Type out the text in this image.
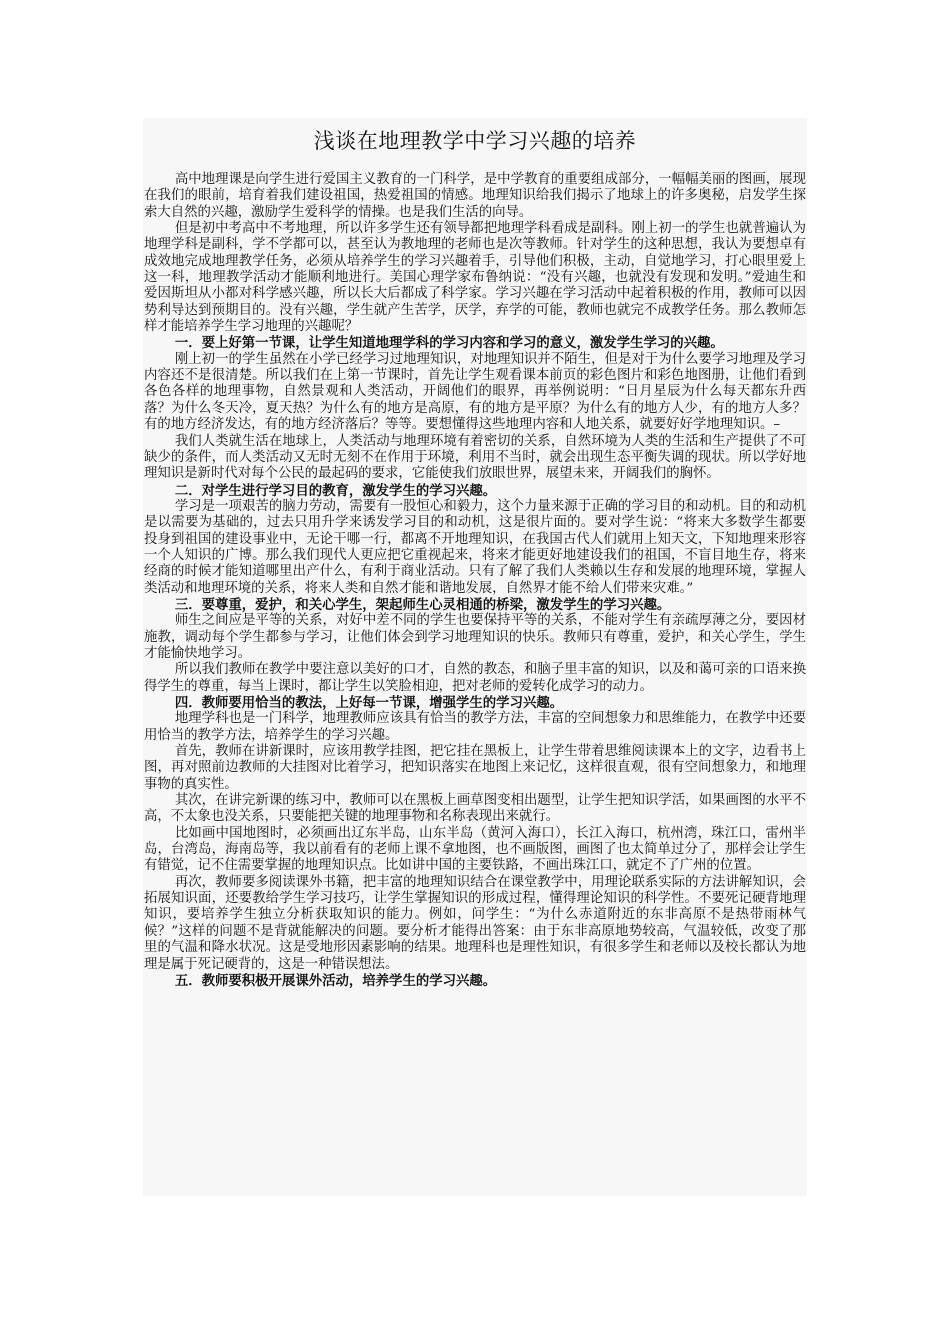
浅谈在地理教学中学习兴趣的培养

高中地理课是向学生进行爱国主义教育的一门科学，是中学教育的重要组成部分，一幅幅美丽的图画，展现在我们的眼前，培育着我们建设祖国，热爱祖国的情感。地理知识给我们揭示了地球上的许多奥秘，启发学生探索大自然的兴趣，激励学生爱科学的情操。也是我们生活的向导。

但是初中考高中不考地理，所以许多学生还有领导都把地理学科看成是副科。刚上初一的学生也就普遍认为地理学科是副科，学不学都可以，甚至认为教地理的老师也是次等教师。针对学生的这种思想，我认为要想卓有成效地完成地理教学任务，必须从培养学生的学习兴趣着手，引导他们积极，主动，自觉地学习，打心眼里爱上这一科，地理教学活动才能顺利地进行。美国心理学家布鲁纳说：“没有兴趣，也就没有发现和发明。”爱迪生和爱因斯坦从小都对科学感兴趣，所以长大后都成了科学家。学习兴趣在学习活动中起着积极的作用，教师可以因势利导达到预期目的。没有兴趣，学生就产生苦学，厌学，弃学的可能，教师也就完不成教学任务。那么教师怎样才能培养学生学习地理的兴趣呢？

一．要上好第一节课，让学生知道地理学科的学习内容和学习的意义，激发学生学习的兴趣。

刚上初一的学生虽然在小学已经学习过地理知识，对地理知识并不陌生，但是对于为什么要学习地理及学习内容还不是很清楚。所以我们在上第一节课时，首先让学生观看课本前页的彩色图片和彩色地图册，让他们看到各色各样的地理事物，自然景观和人类活动，开阔他们的眼界，再举例说明：“日月星辰为什么每天都东升西落？为什么冬天冷，夏天热？为什么有的地方是高原，有的地方是平原？为什么有的地方人少，有的地方人多？有的地方经济发达，有的地方经济落后？等等。要想懂得这些地理内容和人地关系，就要好好学地理知识。–

我们人类就生活在地球上，人类活动与地理环境有着密切的关系，自然环境为人类的生活和生产提供了不可缺少的条件，而人类活动又无时无刻不在作用于环境，利用不当时，就会出现生态平衡失调的现状。所以学好地理知识是新时代对每个公民的最起码的要求，它能使我们放眼世界，展望未来，开阔我们的胸怀。

二．对学生进行学习目的教育，激发学生的学习兴趣。

学习是一项艰苦的脑力劳动，需要有一股恒心和毅力，这个力量来源于正确的学习目的和动机。目的和动机是以需要为基础的，过去只用升学来诱发学习目的和动机，这是很片面的。要对学生说：“将来大多数学生都要投身到祖国的建设事业中，无论干哪一行，都离不开地理知识，在我国古代人们就用上知天文，下知地理来形容一个人知识的广博。那么我们现代人更应把它重视起来，将来才能更好地建设我们的祖国，不盲目地生存，将来经商的时候才能知道哪里出产什么，有利于商业活动。只有了解了我们人类赖以生存和发展的地理环境，掌握人类活动和地理环境的关系，将来人类和自然才能和谐地发展，自然界才能不给人们带来灾难。”

三．要尊重，爱护，和关心学生，架起师生心灵相通的桥梁，激发学生的学习兴趣。

师生之间应是平等的关系，对好中差不同的学生也要保持平等的关系，不能对学生有亲疏厚薄之分，要因材施教，调动每个学生都参与学习，让他们体会到学习地理知识的快乐。教师只有尊重，爱护，和关心学生，学生才能愉快地学习。

所以我们教师在教学中要注意以美好的口才，自然的教态，和脑子里丰富的知识，以及和蔼可亲的口语来换得学生的尊重，每当上课时，都让学生以笑脸相迎，把对老师的爱转化成学习的动力。

四．教师要用恰当的教法，上好每一节课，增强学生的学习兴趣。

地理学科也是一门科学，地理教师应该具有恰当的教学方法，丰富的空间想象力和思维能力，在教学中还要用恰当的教学方法，培养学生的学习兴趣。

首先，教师在讲新课时，应该用教学挂图，把它挂在黑板上，让学生带着思维阅读课本上的文字，边看书上图，再对照前边教师的大挂图对比着学习，把知识落实在地图上来记忆，这样很直观，很有空间想象力，和地理事物的真实性。

其次，在讲完新课的练习中，教师可以在黑板上画草图变相出题型，让学生把知识学活，如果画图的水平不高，不太象也没关系，只要能把关键的地理事物和名称表现出来就行。

比如画中国地图时，必须画出辽东半岛，山东半岛（黄河入海口），长江入海口，杭州湾，珠江口，雷州半岛，台湾岛，海南岛等，我以前看有的老师上课不拿地图，也不画版图，画图了也太简单过分了，那样会让学生有错觉，记不住需要掌握的地理知识点。比如讲中国的主要铁路，不画出珠江口，就定不了广州的位置。

再次，教师要多阅读课外书籍，把丰富的地理知识结合在课堂教学中，用理论联系实际的方法讲解知识，会拓展知识面，还要教给学生学习技巧，让学生掌握知识的形成过程，懂得理论知识的科学性。不要死记硬背地理知识，要培养学生独立分析获取知识的能力。例如，问学生：“为什么赤道附近的东非高原不是热带雨林气候？”这样的问题不是背就能解决的问题。要分析才能得出答案：由于东非高原地势较高，气温较低，改变了那里的气温和降水状况。这是受地形因素影响的结果。地理科也是理性知识，有很多学生和老师以及校长都认为地理是属于死记硬背的，这是一种错误想法。

五．教师要积极开展课外活动，培养学生的学习兴趣。
